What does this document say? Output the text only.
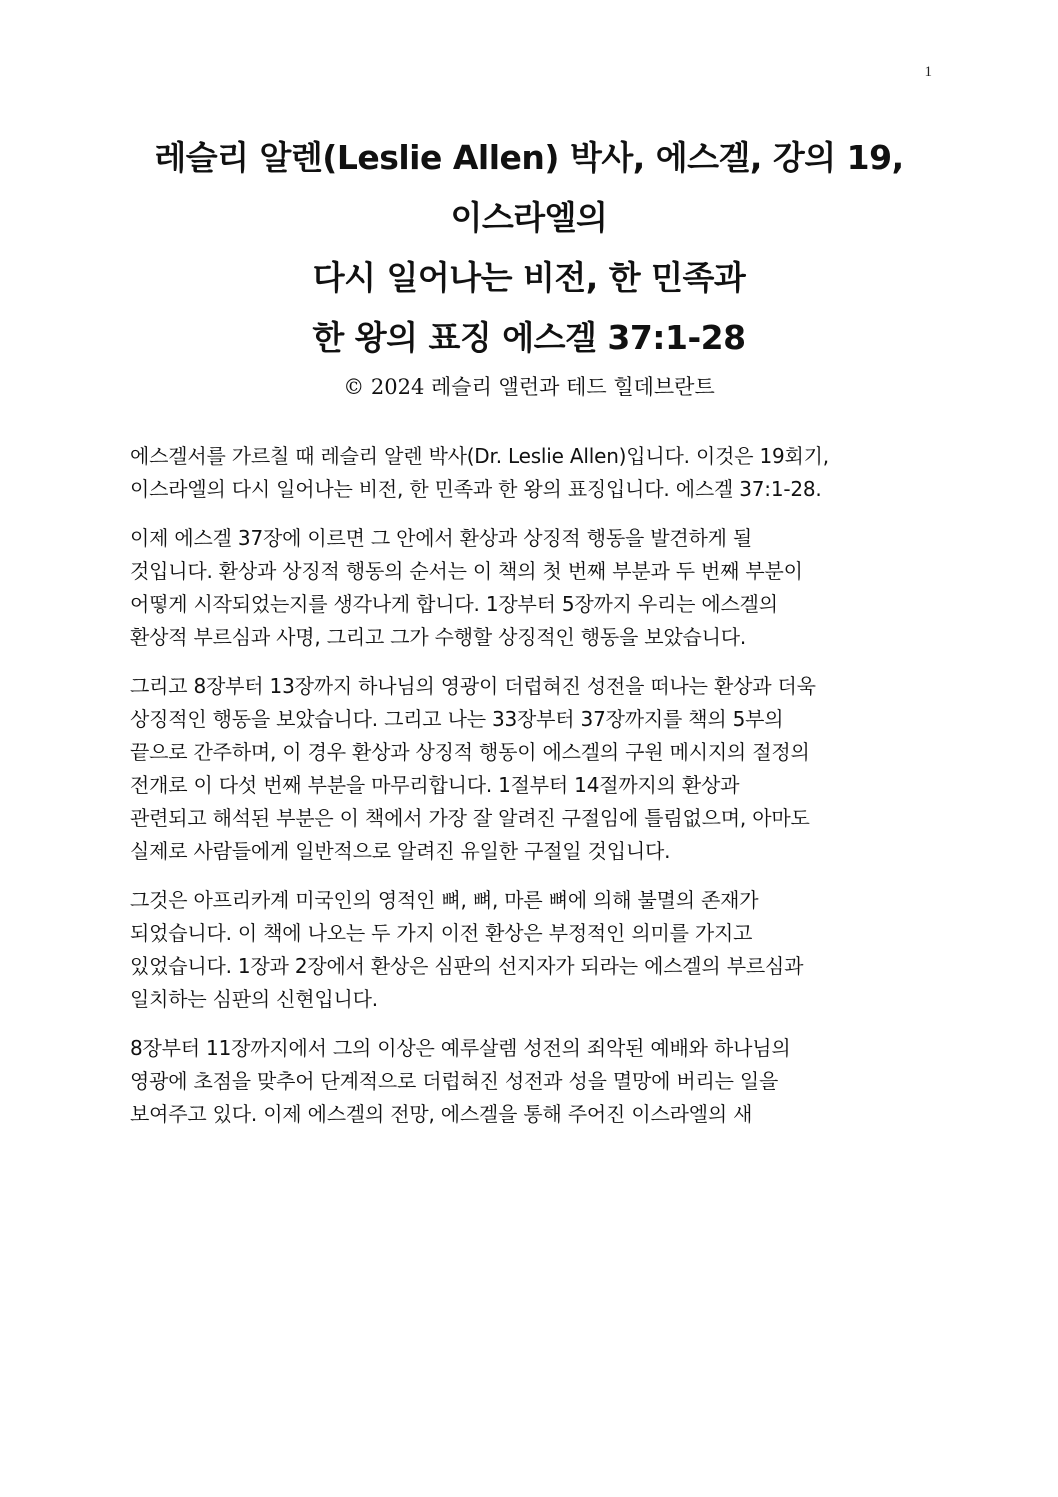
1
레슬리 알렌(Leslie Allen) 박사, 에스겔, 강의 19,
이스라엘의
다시 일어나는 비전, 한 민족과
한 왕의 표징 에스겔 37:1-28
© 2024 레슬리 앨런과 테드 힐데브란트
에스겔서를 가르칠 때 레슬리 알렌 박사(Dr. Leslie Allen)입니다. 이것은 19회기,
이스라엘의 다시 일어나는 비전, 한 민족과 한 왕의 표징입니다. 에스겔 37:1-28.
이제 에스겔 37장에 이르면 그 안에서 환상과 상징적 행동을 발견하게 될
것입니다. 환상과 상징적 행동의 순서는 이 책의 첫 번째 부분과 두 번째 부분이
어떻게 시작되었는지를 생각나게 합니다. 1장부터 5장까지 우리는 에스겔의
환상적 부르심과 사명, 그리고 그가 수행할 상징적인 행동을 보았습니다.
그리고 8장부터 13장까지 하나님의 영광이 더럽혀진 성전을 떠나는 환상과 더욱
상징적인 행동을 보았습니다. 그리고 나는 33장부터 37장까지를 책의 5부의
끝으로 간주하며, 이 경우 환상과 상징적 행동이 에스겔의 구원 메시지의 절정의
전개로 이 다섯 번째 부분을 마무리합니다. 1절부터 14절까지의 환상과
관련되고 해석된 부분은 이 책에서 가장 잘 알려진 구절임에 틀림없으며, 아마도
실제로 사람들에게 일반적으로 알려진 유일한 구절일 것입니다.
그것은 아프리카계 미국인의 영적인 뼈, 뼈, 마른 뼈에 의해 불멸의 존재가
되었습니다. 이 책에 나오는 두 가지 이전 환상은 부정적인 의미를 가지고
있었습니다. 1장과 2장에서 환상은 심판의 선지자가 되라는 에스겔의 부르심과
일치하는 심판의 신현입니다.
8장부터 11장까지에서 그의 이상은 예루살렘 성전의 죄악된 예배와 하나님의
영광에 초점을 맞추어 단계적으로 더럽혀진 성전과 성을 멸망에 버리는 일을
보여주고 있다. 이제 에스겔의 전망, 에스겔을 통해 주어진 이스라엘의 새
